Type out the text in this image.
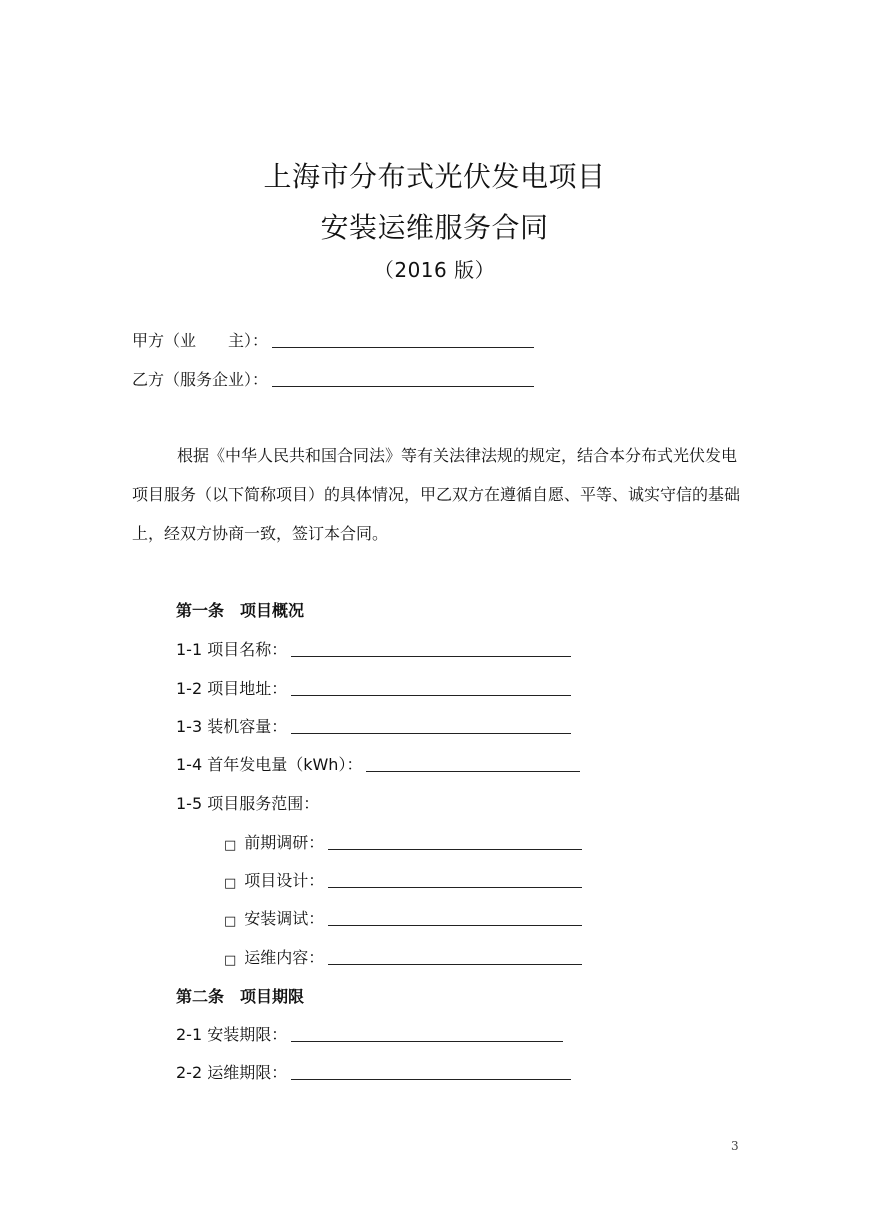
上海市分布式光伏发电项目
安装运维服务合同
（2016 版）
甲方（业　　主）：
乙方（服务企业）：
根据《中华人民共和国合同法》等有关法律法规的规定，结合本分布式光伏发电项目服务（以下简称项目）的具体情况，甲乙双方在遵循自愿、平等、诚实守信的基础上，经双方协商一致，签订本合同。
第一条　项目概况
1-1 项目名称：
1-2 项目地址：
1-3 装机容量：
1-4 首年发电量（kWh）：
1-5 项目服务范围：
□ 前期调研：
□ 项目设计：
□ 安装调试：
□ 运维内容：
第二条　项目期限
2-1 安装期限：
2-2 运维期限：
3
